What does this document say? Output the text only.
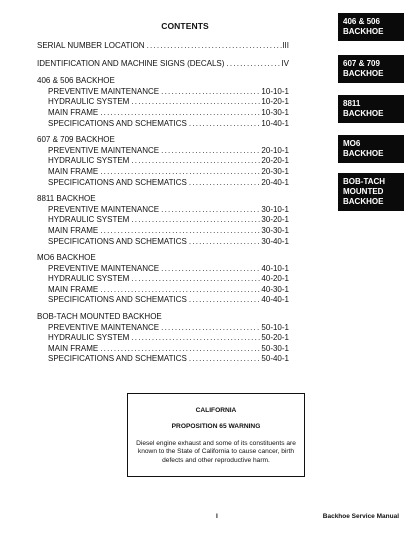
CONTENTS
SERIAL NUMBER LOCATION .....	III
IDENTIFICATION AND MACHINE SIGNS (DECALS) .....	IV
406 & 506 BACKHOE
PREVENTIVE MAINTENANCE .....	10-10-1
HYDRAULIC SYSTEM .....	10-20-1
MAIN FRAME .....	10-30-1
SPECIFICATIONS AND SCHEMATICS .....	10-40-1
607 & 709 BACKHOE
PREVENTIVE MAINTENANCE .....	20-10-1
HYDRAULIC SYSTEM .....	20-20-1
MAIN FRAME .....	20-30-1
SPECIFICATIONS AND SCHEMATICS .....	20-40-1
8811 BACKHOE
PREVENTIVE MAINTENANCE .....	30-10-1
HYDRAULIC SYSTEM .....	30-20-1
MAIN FRAME .....	30-30-1
SPECIFICATIONS AND SCHEMATICS .....	30-40-1
MO6 BACKHOE
PREVENTIVE MAINTENANCE .....	40-10-1
HYDRAULIC SYSTEM .....	40-20-1
MAIN FRAME .....	40-30-1
SPECIFICATIONS AND SCHEMATICS .....	40-40-1
BOB-TACH MOUNTED BACKHOE
PREVENTIVE MAINTENANCE .....	50-10-1
HYDRAULIC SYSTEM .....	50-20-1
MAIN FRAME .....	50-30-1
SPECIFICATIONS AND SCHEMATICS .....	50-40-1
406 & 506
BACKHOE
607 & 709
BACKHOE
8811
BACKHOE
MO6
BACKHOE
BOB-TACH
MOUNTED
BACKHOE
CALIFORNIA
PROPOSITION 65 WARNING
Diesel engine exhaust and some of its constituents are known to the State of California to cause cancer, birth defects and other reproductive harm.
I	Backhoe Service Manual
